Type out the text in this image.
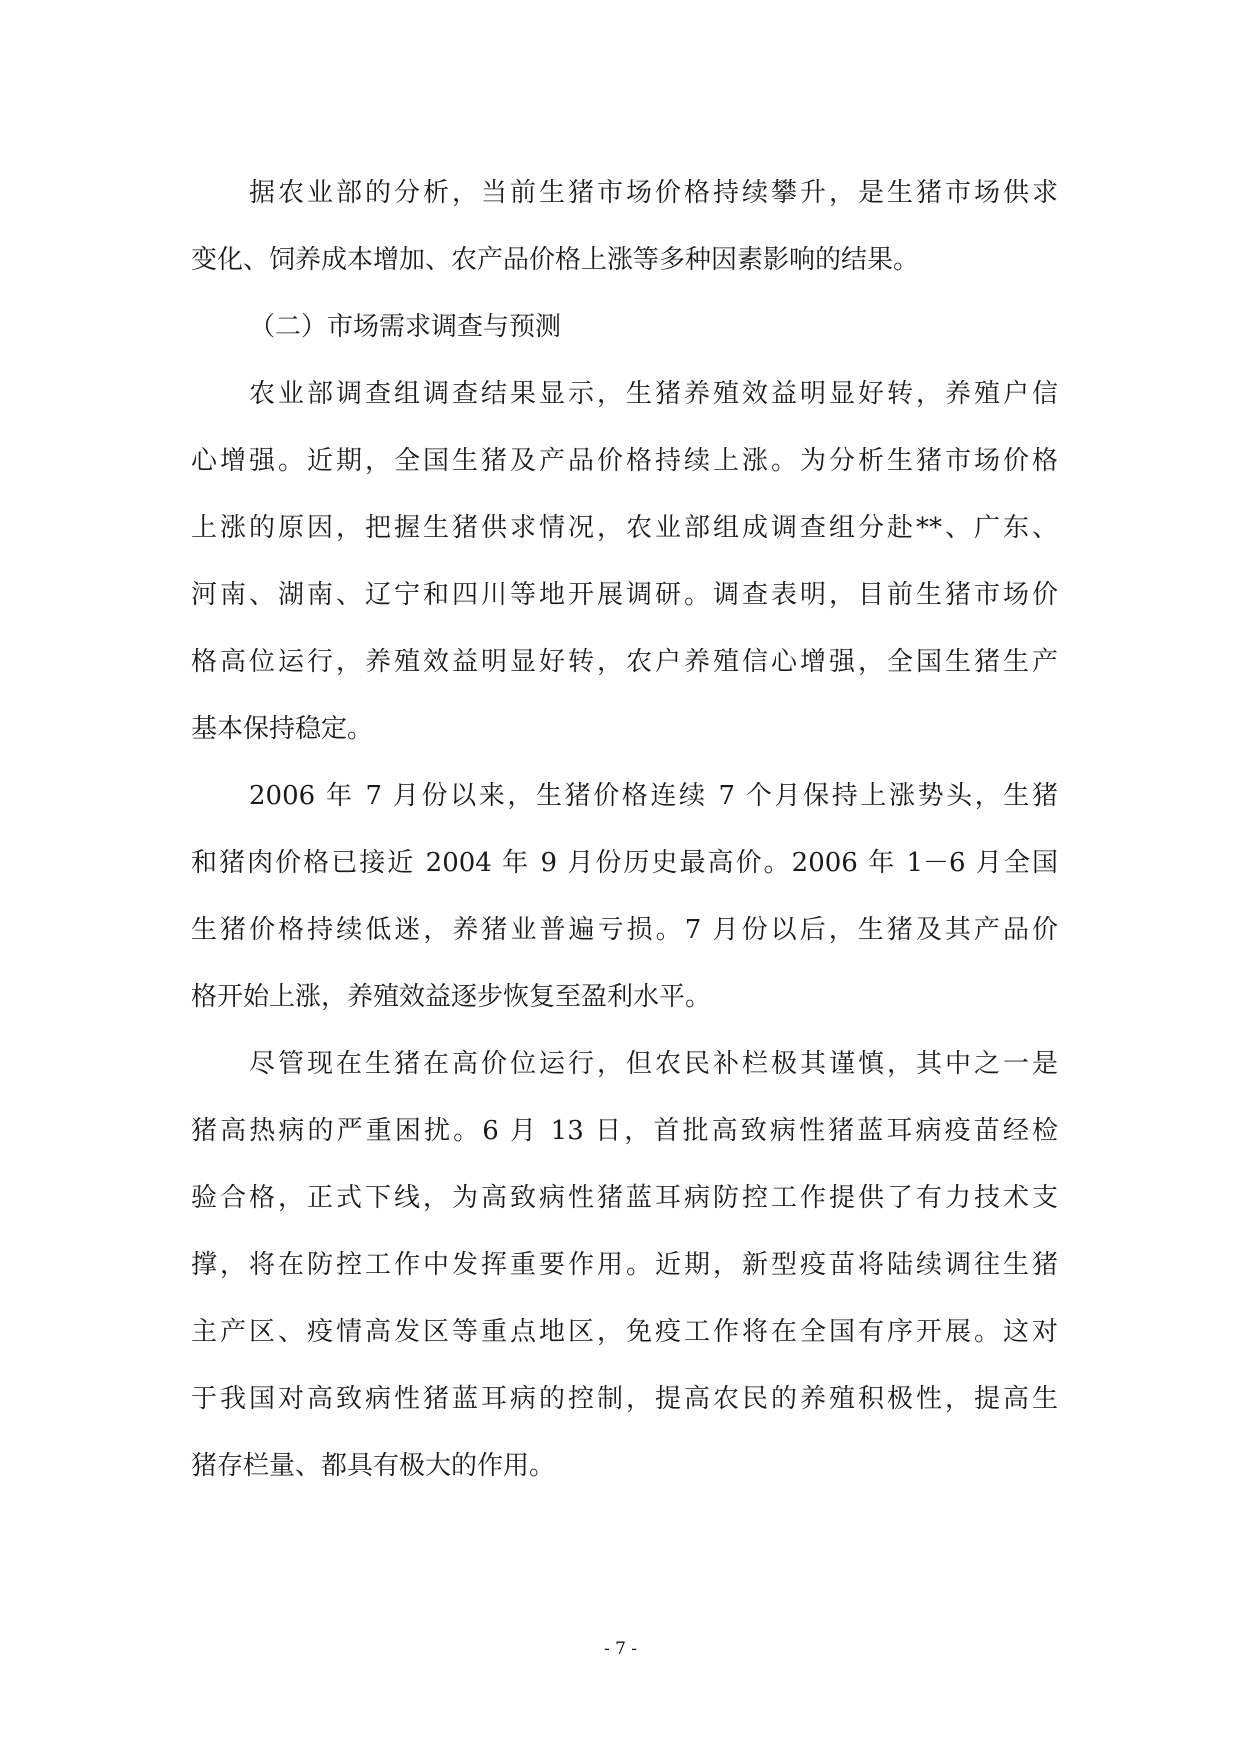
据农业部的分析，当前生猪市场价格持续攀升，是生猪市场供求
变化、饲养成本增加、农产品价格上涨等多种因素影响的结果。
（二）市场需求调查与预测
农业部调查组调查结果显示，生猪养殖效益明显好转，养殖户信
心增强。近期，全国生猪及产品价格持续上涨。为分析生猪市场价格
上涨的原因，把握生猪供求情况，农业部组成调查组分赴**、广东、
河南、湖南、辽宁和四川等地开展调研。调查表明，目前生猪市场价
格高位运行，养殖效益明显好转，农户养殖信心增强，全国生猪生产
基本保持稳定。
2006 年 7 月份以来，生猪价格连续 7 个月保持上涨势头，生猪
和猪肉价格已接近 2004 年 9 月份历史最高价。2006 年 1－6 月全国
生猪价格持续低迷，养猪业普遍亏损。7 月份以后，生猪及其产品价
格开始上涨，养殖效益逐步恢复至盈利水平。
尽管现在生猪在高价位运行，但农民补栏极其谨慎，其中之一是
猪高热病的严重困扰。6 月 13 日，首批高致病性猪蓝耳病疫苗经检
验合格，正式下线，为高致病性猪蓝耳病防控工作提供了有力技术支
撑，将在防控工作中发挥重要作用。近期，新型疫苗将陆续调往生猪
主产区、疫情高发区等重点地区，免疫工作将在全国有序开展。这对
于我国对高致病性猪蓝耳病的控制，提高农民的养殖积极性，提高生
猪存栏量、都具有极大的作用。
- 7 -
